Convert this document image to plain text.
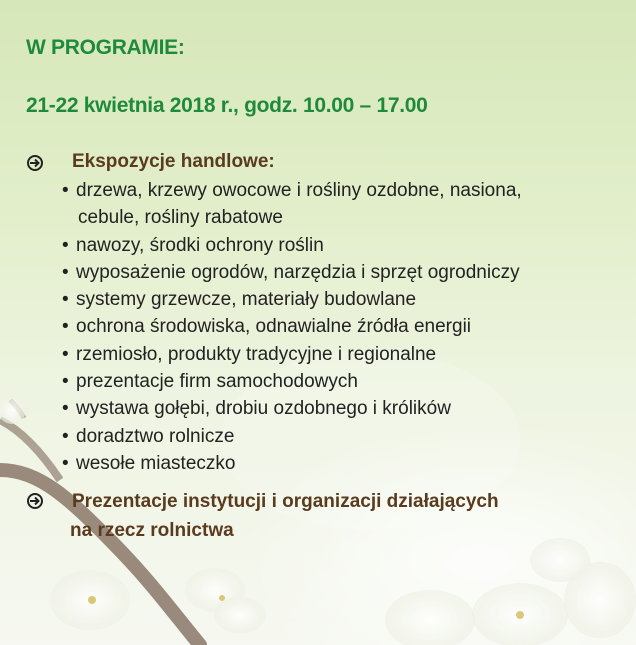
W PROGRAMIE:
21-22 kwietnia 2018 r., godz. 10.00 – 17.00
Ekspozycje handlowe:
• drzewa, krzewy owocowe i rośliny ozdobne, nasiona,
cebule, rośliny rabatowe
• nawozy, środki ochrony roślin
• wyposażenie ogrodów, narzędzia i sprzęt ogrodniczy
• systemy grzewcze, materiały budowlane
• ochrona środowiska, odnawialne źródła energii
• rzemiosło, produkty tradycyjne i regionalne
• prezentacje firm samochodowych
• wystawa gołębi, drobiu ozdobnego i królików
• doradztwo rolnicze
• wesołe miasteczko
Prezentacje instytucji i organizacji działających
na rzecz rolnictwa
